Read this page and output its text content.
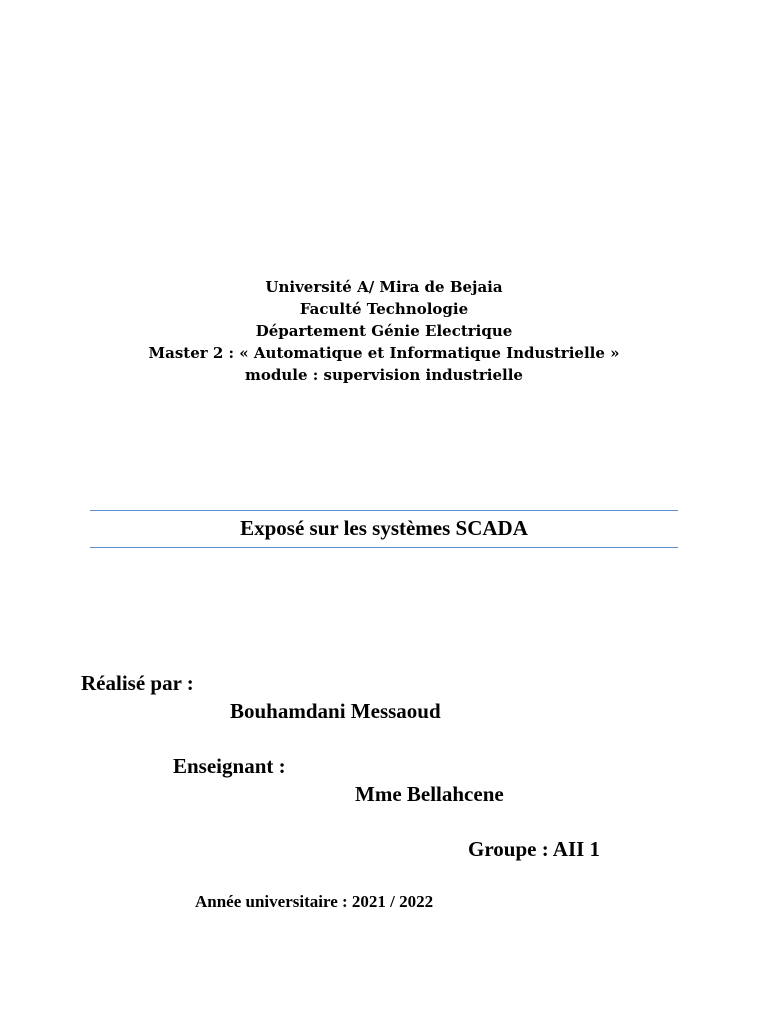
Université A/ Mira de Bejaia
Faculté Technologie
Département Génie Electrique
Master 2 : « Automatique et Informatique Industrielle »
module : supervision industrielle
Exposé sur les systèmes SCADA
Réalisé par :
Bouhamdani Messaoud
Enseignant :
Mme Bellahcene
Groupe : AII 1
Année universitaire : 2021 / 2022
